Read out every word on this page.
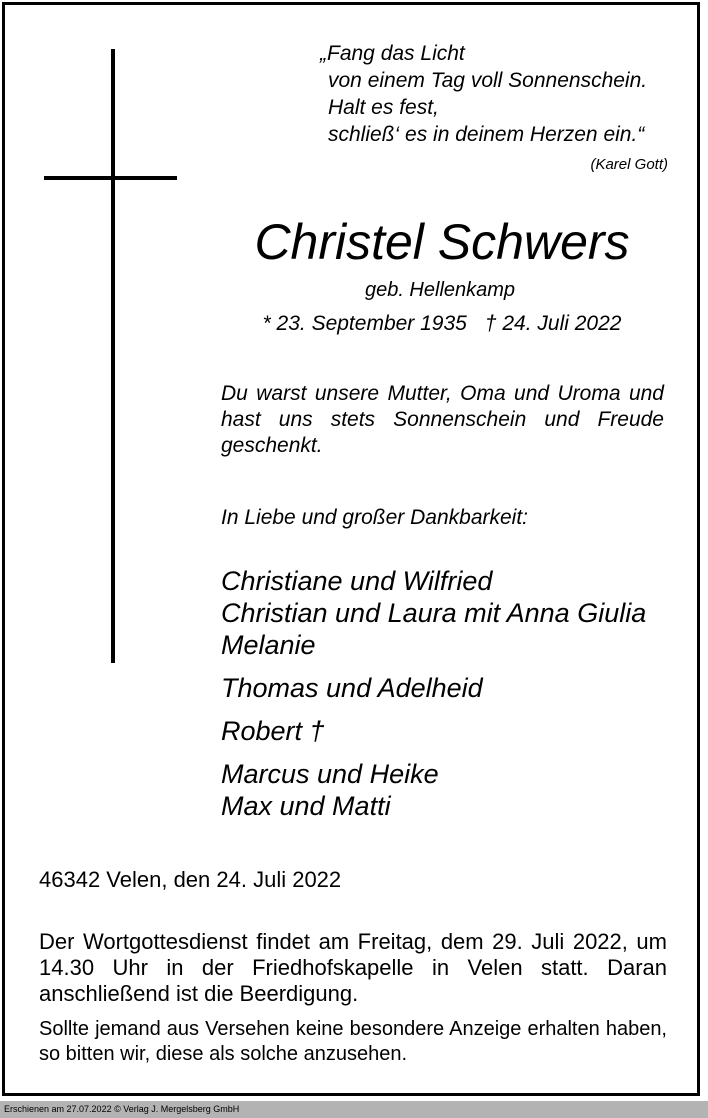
„Fang das Licht
von einem Tag voll Sonnenschein.
Halt es fest,
schließ‘ es in deinem Herzen ein.“
(Karel Gott)
Christel Schwers
geb. Hellenkamp
* 23. September 1935 † 24. Juli 2022
Du warst unsere Mutter, Oma und Uroma und hast uns stets Sonnenschein und Freude geschenkt.
In Liebe und großer Dankbarkeit:
Christiane und Wilfried
Christian und Laura mit Anna Giulia
Melanie
Thomas und Adelheid
Robert †
Marcus und Heike
Max und Matti
46342 Velen, den 24. Juli 2022
Der Wortgottesdienst findet am Freitag, dem 29. Juli 2022, um 14.30 Uhr in der Friedhofskapelle in Velen statt. Daran anschließend ist die Beerdigung.
Sollte jemand aus Versehen keine besondere Anzeige erhalten haben, so bitten wir, diese als solche anzusehen.
Erschienen am 27.07.2022 © Verlag J. Mergelsberg GmbH
